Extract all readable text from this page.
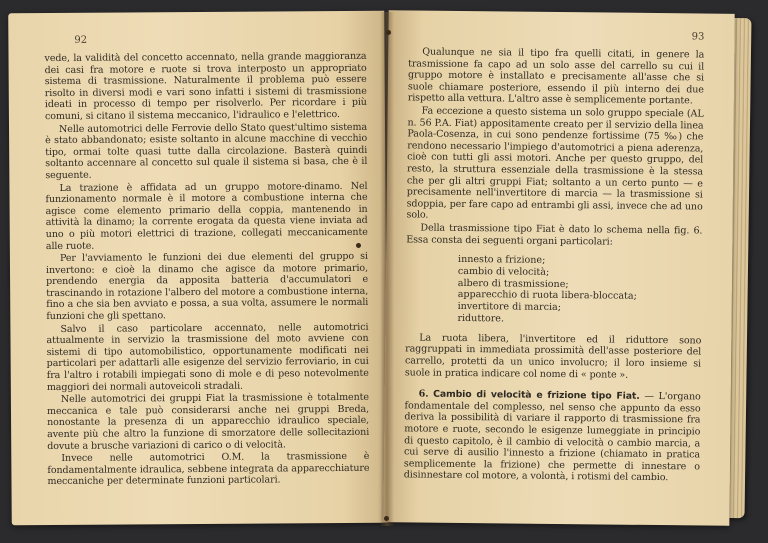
92

vede, la validità del concetto accennato, nella grande maggioranza dei casi fra motore e ruote si trova interposto un appropriato sistema di trasmissione. Naturalmente il problema può essere risolto in diversi modi e vari sono infatti i sistemi di trasmissione ideati in processo di tempo per risolverlo. Per ricordare i più comuni, si citano il sistema meccanico, l'idraulico e l'elettrico.

Nelle automotrici delle Ferrovie dello Stato quest'ultimo sistema è stato abbandonato; esiste soltanto in alcune macchine di vecchio tipo, ormai tolte quasi tutte dalla circolazione. Basterà quindi soltanto accennare al concetto sul quale il sistema si basa, che è il seguente.

La trazione è affidata ad un gruppo motore-dinamo. Nel funzionamento normale è il motore a combustione interna che agisce come elemento primario della coppia, mantenendo in attività la dinamo; la corrente erogata da questa viene inviata ad uno o più motori elettrici di trazione, collegati meccanicamente alle ruote.

Per l'avviamento le funzioni dei due elementi del gruppo si invertono: e cioè la dinamo che agisce da motore primario, prendendo energia da apposita batteria d'accumulatori e trascinando in rotazione l'albero del motore a combustione interna, fino a che sia ben avviato e possa, a sua volta, assumere le normali funzioni che gli spettano.

Salvo il caso particolare accennato, nelle automotrici attualmente in servizio la trasmissione del moto avviene con sistemi di tipo automobilistico, opportunamente modificati nei particolari per adattarli alle esigenze del servizio ferroviario, in cui fra l'altro i rotabili impiegati sono di mole e di peso notevolmente maggiori dei normali autoveicoli stradali.

Nelle automotrici dei gruppi Fiat la trasmissione è totalmente meccanica e tale può considerarsi anche nei gruppi Breda, nonostante la presenza di un apparecchio idraulico speciale, avente più che altro la funzione di smorzatore delle sollecitazioni dovute a brusche variazioni di carico o di velocità.

Invece nelle automotrici O.M. la trasmissione è fondamentalmente idraulica, sebbene integrata da apparecchiature meccaniche per determinate funzioni particolari.

93

Qualunque ne sia il tipo fra quelli citati, in genere la trasmissione fa capo ad un solo asse del carrello su cui il gruppo motore è installato e precisamente all'asse che si suole chiamare posteriore, essendo il più interno dei due rispetto alla vettura. L'altro asse è semplicemente portante.

Fa eccezione a questo sistema un solo gruppo speciale (AL n. 56 P.A. Fiat) appositamente creato per il servizio della linea Paola-Cosenza, in cui sono pendenze fortissime (75 ‰) che rendono necessario l'impiego d'automotrici a piena aderenza, cioè con tutti gli assi motori. Anche per questo gruppo, del resto, la struttura essenziale della trasmissione è la stessa che per gli altri gruppi Fiat; soltanto a un certo punto — e precisamente nell'invertitore di marcia — la trasmissione si sdoppia, per fare capo ad entrambi gli assi, invece che ad uno solo.

Della trasmissione tipo Fiat è dato lo schema nella fig. 6. Essa consta dei seguenti organi particolari:

innesto a frizione;
cambio di velocità;
albero di trasmissione;
apparecchio di ruota libera-bloccata;
invertitore di marcia;
riduttore.

La ruota libera, l'invertitore ed il riduttore sono raggruppati in immediata prossimità dell'asse posteriore del carrello, protetti da un unico involucro; il loro insieme si suole in pratica indicare col nome di « ponte ».

6. Cambio di velocità e frizione tipo Fiat. — L'organo fondamentale del complesso, nel senso che appunto da esso deriva la possibilità di variare il rapporto di trasmissione fra motore e ruote, secondo le esigenze lumeggiate in principio di questo capitolo, è il cambio di velocità o cambio marcia, a cui serve di ausilio l'innesto a frizione (chiamato in pratica semplicemente la frizione) che permette di innestare o disinnestare col motore, a volontà, i rotismi del cambio.
